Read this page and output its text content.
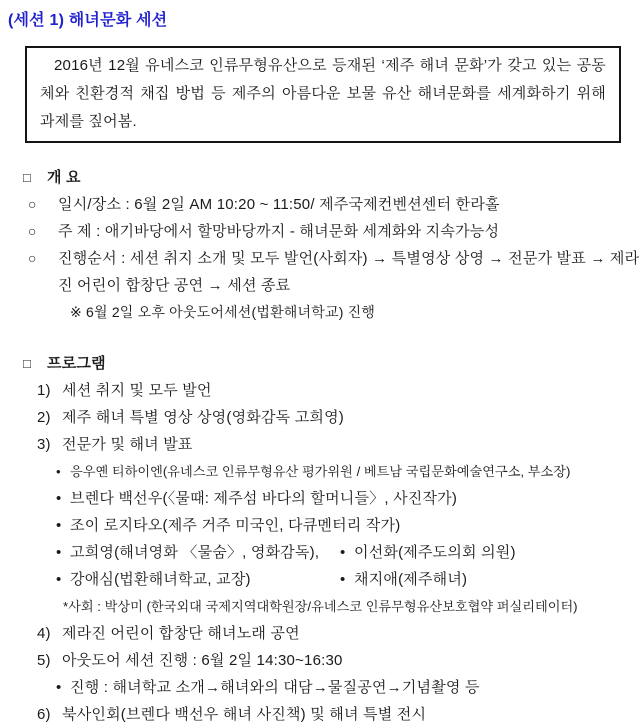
(세션 1) 해녀문화 세션
2016년 12월 유네스코 인류무형유산으로 등재된 ‘제주 해녀 문화’가 갖고 있는 공동체와 친환경적 채집 방법 등 제주의 아름다운 보물 유산 해녀문화를 세계화하기 위해 과제를 짚어봄.
□	개 요
○	일시/장소 : 6월 2일 AM 10:20 ~ 11:50/ 제주국제컨벤션센터 한라홀
○	주 제 : 애기바당에서 할망바당까지 - 해녀문화 세계화와 지속가능성
○	진행순서 : 세션 취지 소개 및 모두 발언(사회자) → 특별영상 상영 → 전문가 발표 → 제라진 어린이 합창단 공연 → 세션 종료
※ 6월 2일 오후 아웃도어세션(법환해녀학교) 진행
□	프로그램
1) 세션 취지 및 모두 발언
2) 제주 해녀 특별 영상 상영(영화감독 고희영)
3) 전문가 및 해녀 발표
• 응우옌 티하이엔(유네스코 인류무형유산 평가위원 / 베트남 국립문화예술연구소, 부소장)
• 브렌다 백선우(〈물때: 제주섬 바다의 할머니들〉, 사진작가)
• 조이 로지타오(제주 거주 미국인, 다큐멘터리 작가)
• 고희영(해녀영화 〈물숨〉, 영화감독),	• 이선화(제주도의회 의원)
• 강애심(법환해녀학교, 교장)	• 채지애(제주해녀)
*사회 : 박상미 (한국외대 국제지역대학원장/유네스코 인류무형유산보호협약 퍼실리테이터)
4) 제라진 어린이 합창단 해녀노래 공연
5) 아웃도어 세션 진행 : 6월 2일 14:30~16:30
• 진행 : 해녀학교 소개→해녀와의 대담→물질공연→기념촬영 등
6) 북사인회(브렌다 백선우 해녀 사진책) 및 해녀 특별 전시
